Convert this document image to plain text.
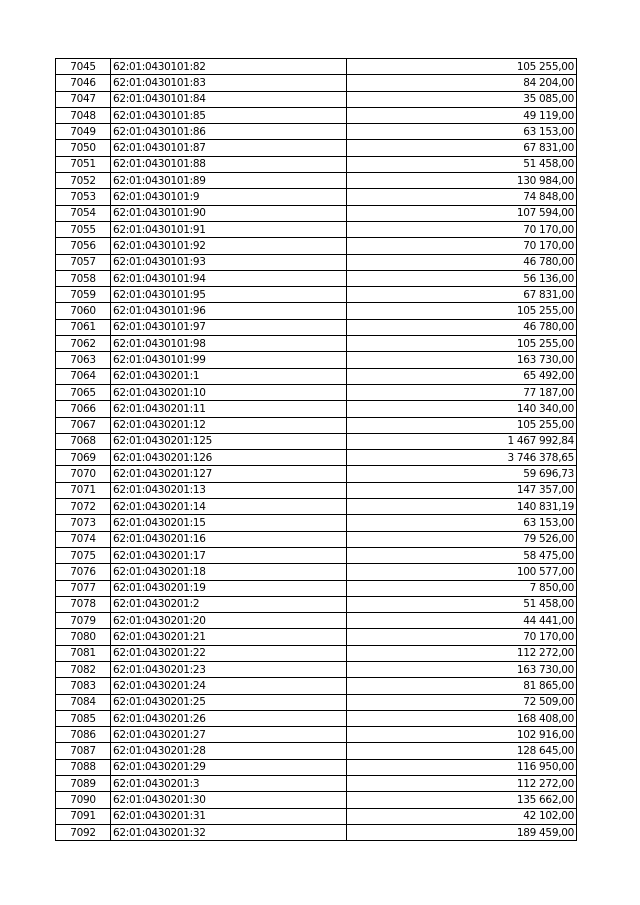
7045	62:01:0430101:82	105 255,00
7046	62:01:0430101:83	84 204,00
7047	62:01:0430101:84	35 085,00
7048	62:01:0430101:85	49 119,00
7049	62:01:0430101:86	63 153,00
7050	62:01:0430101:87	67 831,00
7051	62:01:0430101:88	51 458,00
7052	62:01:0430101:89	130 984,00
7053	62:01:0430101:9	74 848,00
7054	62:01:0430101:90	107 594,00
7055	62:01:0430101:91	70 170,00
7056	62:01:0430101:92	70 170,00
7057	62:01:0430101:93	46 780,00
7058	62:01:0430101:94	56 136,00
7059	62:01:0430101:95	67 831,00
7060	62:01:0430101:96	105 255,00
7061	62:01:0430101:97	46 780,00
7062	62:01:0430101:98	105 255,00
7063	62:01:0430101:99	163 730,00
7064	62:01:0430201:1	65 492,00
7065	62:01:0430201:10	77 187,00
7066	62:01:0430201:11	140 340,00
7067	62:01:0430201:12	105 255,00
7068	62:01:0430201:125	1 467 992,84
7069	62:01:0430201:126	3 746 378,65
7070	62:01:0430201:127	59 696,73
7071	62:01:0430201:13	147 357,00
7072	62:01:0430201:14	140 831,19
7073	62:01:0430201:15	63 153,00
7074	62:01:0430201:16	79 526,00
7075	62:01:0430201:17	58 475,00
7076	62:01:0430201:18	100 577,00
7077	62:01:0430201:19	7 850,00
7078	62:01:0430201:2	51 458,00
7079	62:01:0430201:20	44 441,00
7080	62:01:0430201:21	70 170,00
7081	62:01:0430201:22	112 272,00
7082	62:01:0430201:23	163 730,00
7083	62:01:0430201:24	81 865,00
7084	62:01:0430201:25	72 509,00
7085	62:01:0430201:26	168 408,00
7086	62:01:0430201:27	102 916,00
7087	62:01:0430201:28	128 645,00
7088	62:01:0430201:29	116 950,00
7089	62:01:0430201:3	112 272,00
7090	62:01:0430201:30	135 662,00
7091	62:01:0430201:31	42 102,00
7092	62:01:0430201:32	189 459,00
